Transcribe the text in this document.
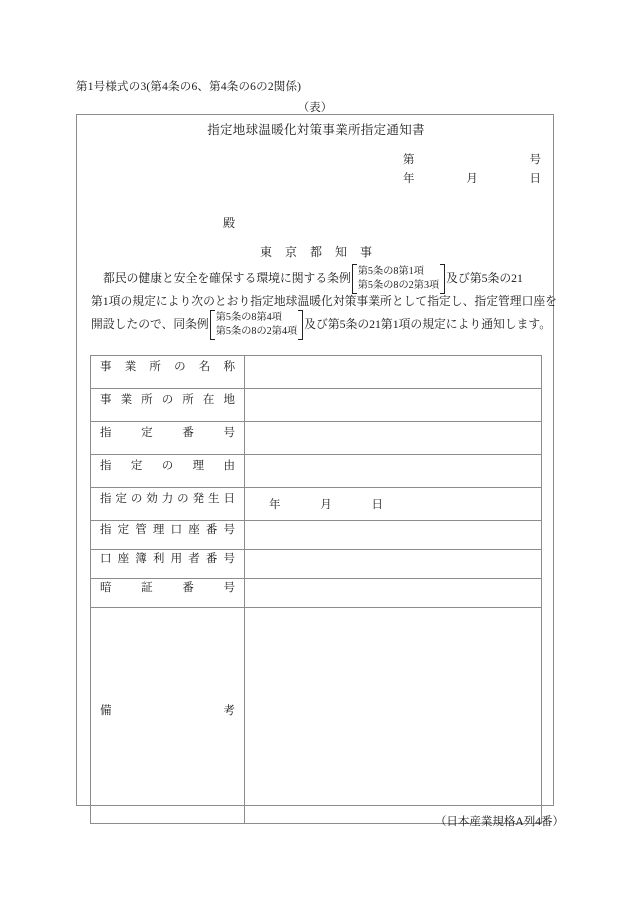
第1号様式の3(第4条の6、第4条の6の2関係)
（表）
指定地球温暖化対策事業所指定通知書
第	号
年	月	日
殿
東 京 都 知 事
都民の健康と安全を確保する環境に関する条例 第5条の8第1項
第5条の8の2第3項 及び第5条の21
第1項の規定により次のとおり指定地球温暖化対策事業所として指定し、指定管理口座を
開設したので、同条例 第5条の8第4項
第5条の8の2第4項 及び第5条の21第1項の規定により通知します。
事業所の名称	

事業所の所在地	

指定番号	

指定の理由	

指定の効力の発生日	年 月 日

指定管理口座番号	

口座簿利用者番号	

暗証番号	

備考	

（日本産業規格A列4番）
